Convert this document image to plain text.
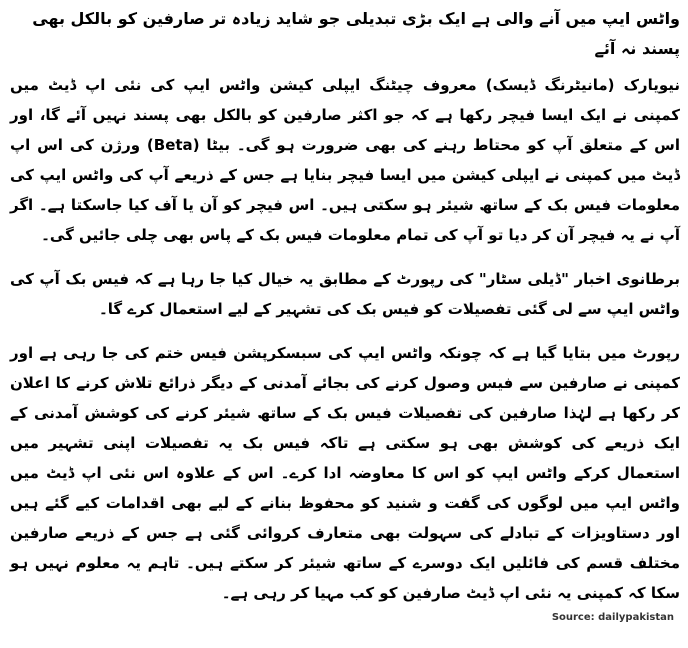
واٹس ایپ میں آنے والی ہے ایک بڑی تبدیلی جو شاید زیادہ تر صارفین کو بالکل بھی پسند نہ آئے

نیویارک (مانیٹرنگ ڈیسک) معروف چیٹنگ ایپلی کیشن واٹس ایپ کی نئی اپ ڈیٹ میں کمپنی نے ایک ایسا فیچر رکھا ہے کہ جو اکثر صارفین کو بالکل بھی پسند نہیں آئے گا، اور اس کے متعلق آپ کو محتاط رہنے کی بھی ضرورت ہو گی۔ بیٹا (Beta) ورژن کی اس اپ ڈیٹ میں کمپنی نے ایپلی کیشن میں ایسا فیچر بنایا ہے جس کے ذریعے آپ کی واٹس ایپ کی معلومات فیس بک کے ساتھ شیئر ہو سکتی ہیں۔ اس فیچر کو آن یا آف کیا جاسکتا ہے۔ اگر آپ نے یہ فیچر آن کر دیا تو آپ کی تمام معلومات فیس بک کے پاس بھی چلی جائیں گی۔

برطانوی اخبار "ڈیلی سٹار" کی رپورٹ کے مطابق یہ خیال کیا جا رہا ہے کہ فیس بک آپ کی واٹس ایپ سے لی گئی تفصیلات کو فیس بک کی تشہیر کے لیے استعمال کرے گا۔

رپورٹ میں بتایا گیا ہے کہ چونکہ واٹس ایپ کی سبسکرپشن فیس ختم کی جا رہی ہے اور کمپنی نے صارفین سے فیس وصول کرنے کی بجائے آمدنی کے دیگر ذرائع تلاش کرنے کا اعلان کر رکھا ہے لہٰذا صارفین کی تفصیلات فیس بک کے ساتھ شیئر کرنے کی کوشش آمدنی کے ایک ذریعے کی کوشش بھی ہو سکتی ہے تاکہ فیس بک یہ تفصیلات اپنی تشہیر میں استعمال کرکے واٹس ایپ کو اس کا معاوضہ ادا کرے۔ اس کے علاوہ اس نئی اپ ڈیٹ میں واٹس ایپ میں لوگوں کی گفت و شنید کو محفوظ بنانے کے لیے بھی اقدامات کیے گئے ہیں اور دستاویزات کے تبادلے کی سہولت بھی متعارف کروائی گئی ہے جس کے ذریعے صارفین مختلف قسم کی فائلیں ایک دوسرے کے ساتھ شیئر کر سکتے ہیں۔ تاہم یہ معلوم نہیں ہو سکا کہ کمپنی یہ نئی اپ ڈیٹ صارفین کو کب مہیا کر رہی ہے۔

Source: dailypakistan
